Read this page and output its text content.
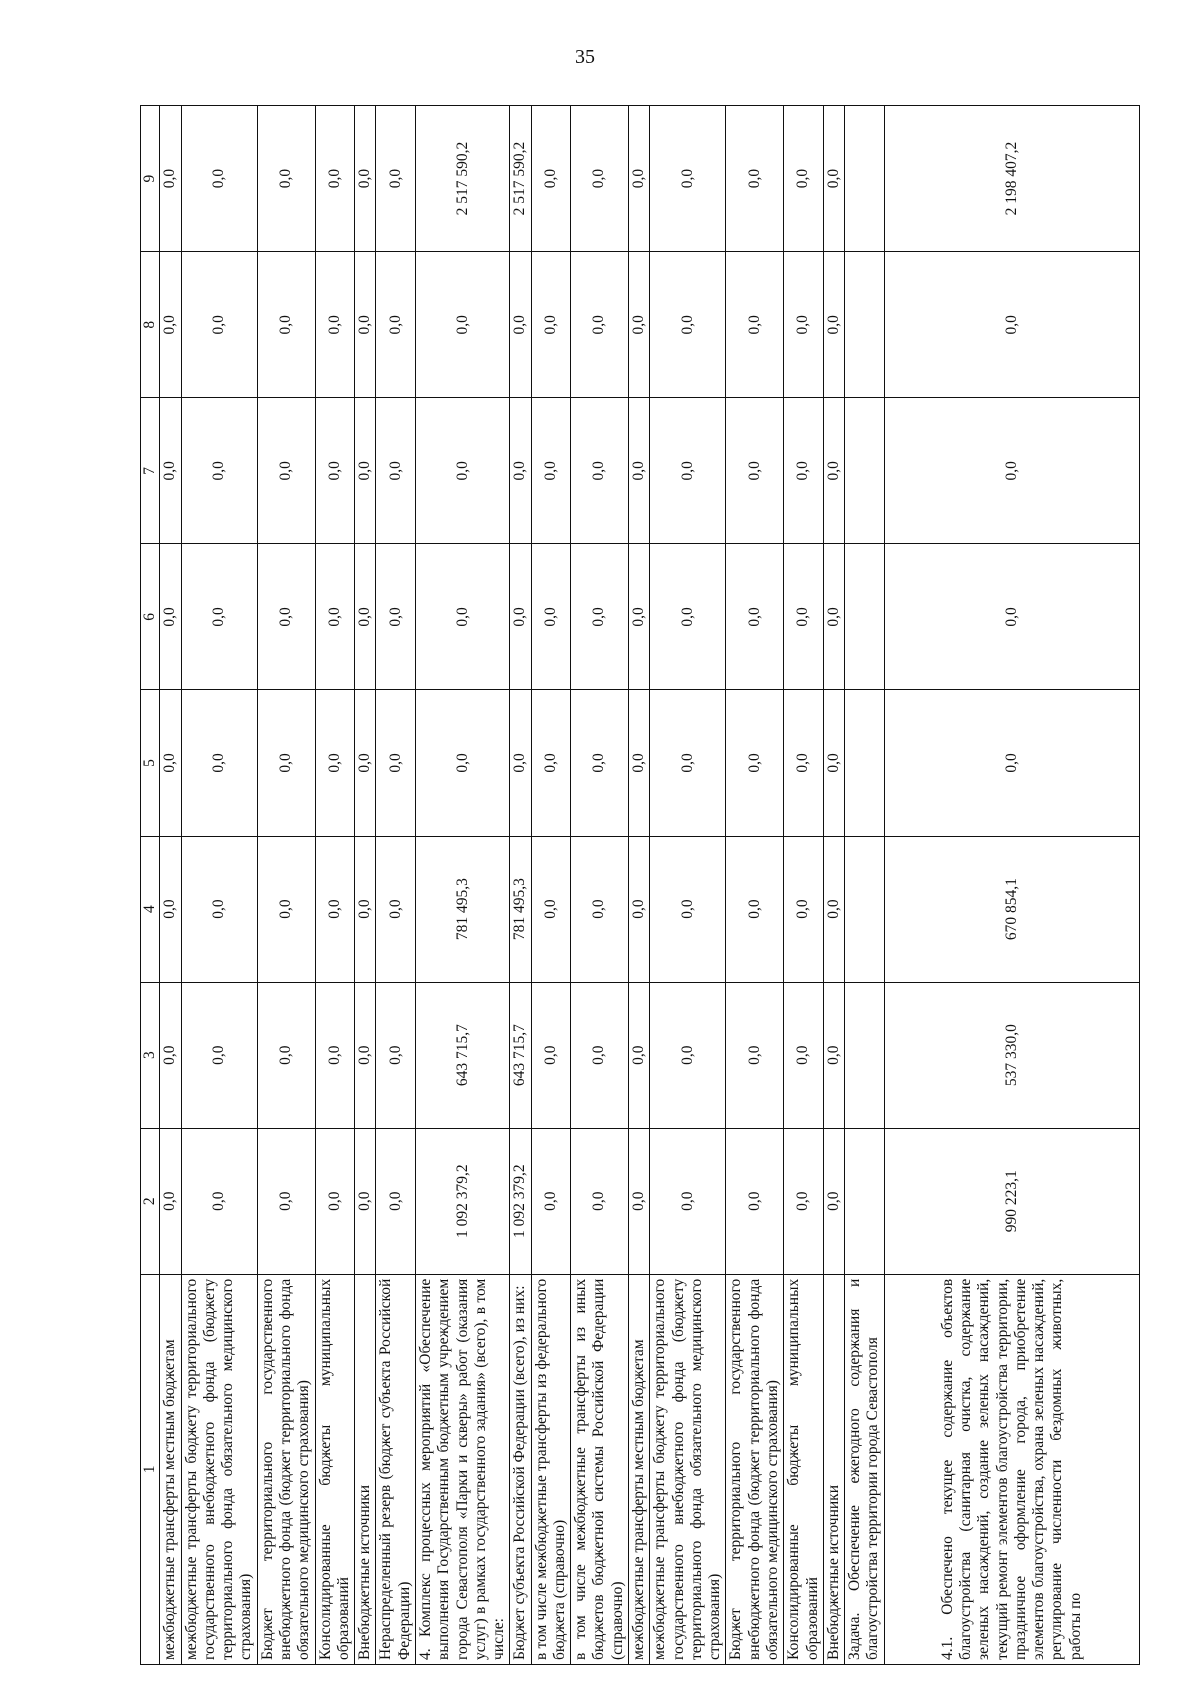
35
1	2	3	4	5	6	7	8	9
межбюджетные трансферты местным бюджетам	0,0	0,0	0,0	0,0	0,0	0,0	0,0	0,0
межбюджетные трансферты бюджету территориального государственного внебюджетного фонда (бюджету территориального фонда обязательного медицинского страхования)	0,0	0,0	0,0	0,0	0,0	0,0	0,0	0,0
Бюджет территориального государственного внебюджетного фонда (бюджет территориального фонда обязательного медицинского страхования)	0,0	0,0	0,0	0,0	0,0	0,0	0,0	0,0
Консолидированные бюджеты муниципальных образований	0,0	0,0	0,0	0,0	0,0	0,0	0,0	0,0
Внебюджетные источники	0,0	0,0	0,0	0,0	0,0	0,0	0,0	0,0
Нераспределенный резерв (бюджет субъекта Российской Федерации)	0,0	0,0	0,0	0,0	0,0	0,0	0,0	0,0
4. Комплекс процессных мероприятий «Обеспечение выполнения Государственным бюджетным учреждением города Севастополя «Парки и скверы» работ (оказания услуг) в рамках государственного задания» (всего), в том числе:	1 092 379,2	643 715,7	781 495,3	0,0	0,0	0,0	0,0	2 517 590,2
Бюджет субъекта Российской Федерации (всего), из них:	1 092 379,2	643 715,7	781 495,3	0,0	0,0	0,0	0,0	2 517 590,2
в том числе межбюджетные трансферты из федерального бюджета (справочно)	0,0	0,0	0,0	0,0	0,0	0,0	0,0	0,0
в том числе межбюджетные трансферты из иных бюджетов бюджетной системы Российской Федерации (справочно)	0,0	0,0	0,0	0,0	0,0	0,0	0,0	0,0
межбюджетные трансферты местным бюджетам	0,0	0,0	0,0	0,0	0,0	0,0	0,0	0,0
межбюджетные трансферты бюджету территориального государственного внебюджетного фонда (бюджету территориального фонда обязательного медицинского страхования)	0,0	0,0	0,0	0,0	0,0	0,0	0,0	0,0
Бюджет территориального государственного внебюджетного фонда (бюджет территориального фонда обязательного медицинского страхования)	0,0	0,0	0,0	0,0	0,0	0,0	0,0	0,0
Консолидированные бюджеты муниципальных образований	0,0	0,0	0,0	0,0	0,0	0,0	0,0	0,0
Внебюджетные источники	0,0	0,0	0,0	0,0	0,0	0,0	0,0	0,0
Задача. Обеспечение ежегодного содержания и благоустройства территории города Севастополя								
4.1. Обеспечено текущее содержание объектов благоустройства (санитарная очистка, содержание зеленых насаждений, создание зеленых насаждений, текущий ремонт элементов благоустройства территории, праздничное оформление города, приобретение элементов благоустройства, охрана зеленых насаждений, регулирование численности бездомных животных, работы по	990 223,1	537 330,0	670 854,1	0,0	0,0	0,0	0,0	2 198 407,2
